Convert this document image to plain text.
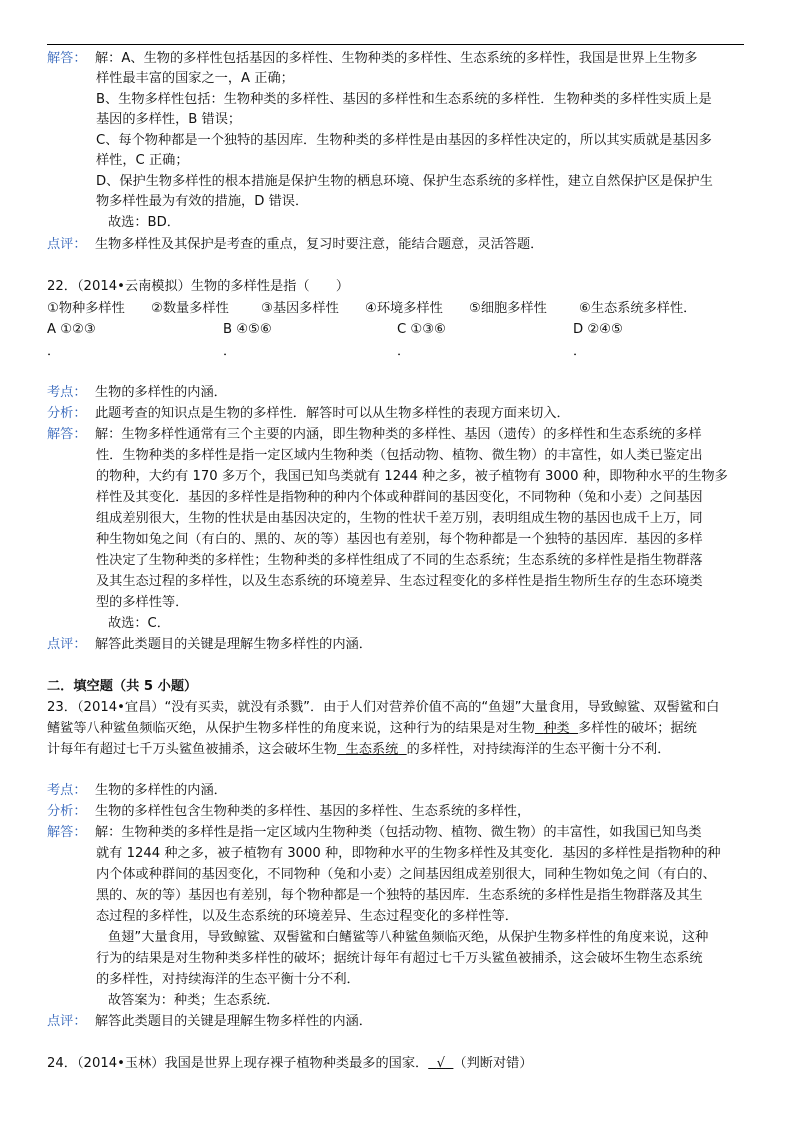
解答： 解：A、生物的多样性包括基因的多样性、生物种类的多样性、生态系统的多样性，我国是世界上生物多
样性最丰富的国家之一，A 正确；
B、生物多样性包括：生物种类的多样性、基因的多样性和生态系统的多样性．生物种类的多样性实质上是
基因的多样性，B 错误；
C、每个物种都是一个独特的基因库．生物种类的多样性是由基因的多样性决定的，所以其实质就是基因多
样性，C 正确；
D、保护生物多样性的根本措施是保护生物的栖息环境、保护生态系统的多样性，建立自然保护区是保护生
物多样性最为有效的措施，D 错误．
故选：BD．
点评： 生物多样性及其保护是考查的重点，复习时要注意，能结合题意，灵活答题．
22．（2014•云南模拟）生物的多样性是指（　　）
①物种多样性 ②数量多样性 ③基因多样性 ④环境多样性 ⑤细胞多样性 ⑥生态系统多样性．
A ①②③	B ④⑤⑥	C ①③⑥	D ②④⑤
．	．	．	．
考点： 生物的多样性的内涵．
分析： 此题考查的知识点是生物的多样性．解答时可以从生物多样性的表现方面来切入．
解答： 解：生物多样性通常有三个主要的内涵，即生物种类的多样性、基因（遗传）的多样性和生态系统的多样
性．生物种类的多样性是指一定区域内生物种类（包括动物、植物、微生物）的丰富性，如人类已鉴定出
的物种，大约有 170 多万个，我国已知鸟类就有 1244 种之多，被子植物有 3000 种，即物种水平的生物多
样性及其变化．基因的多样性是指物种的种内个体或种群间的基因变化，不同物种（兔和小麦）之间基因
组成差别很大，生物的性状是由基因决定的，生物的性状千差万别，表明组成生物的基因也成千上万，同
种生物如兔之间（有白的、黑的、灰的等）基因也有差别，每个物种都是一个独特的基因库．基因的多样
性决定了生物种类的多样性；生物种类的多样性组成了不同的生态系统；生态系统的多样性是指生物群落
及其生态过程的多样性，以及生态系统的环境差异、生态过程变化的多样性是指生物所生存的生态环境类
型的多样性等．
故选：C．
点评： 解答此类题目的关键是理解生物多样性的内涵．
二．填空题（共 5 小题）
23．（2014•宜昌）“没有买卖，就没有杀戮”．由于人们对营养价值不高的“鱼翅”大量食用，导致鲸鲨、双髻鲨和白
鳍鲨等八种鲨鱼频临灭绝，从保护生物多样性的角度来说，这种行为的结果是对生物 种类 多样性的破坏；据统
计每年有超过七千万头鲨鱼被捕杀，这会破坏生物 生态系统 的多样性，对持续海洋的生态平衡十分不利．
考点： 生物的多样性的内涵．
分析： 生物的多样性包含生物种类的多样性、基因的多样性、生态系统的多样性，
解答： 解：生物种类的多样性是指一定区域内生物种类（包括动物、植物、微生物）的丰富性，如我国已知鸟类
就有 1244 种之多，被子植物有 3000 种，即物种水平的生物多样性及其变化．基因的多样性是指物种的种
内个体或种群间的基因变化，不同物种（兔和小麦）之间基因组成差别很大，同种生物如兔之间（有白的、
黑的、灰的等）基因也有差别，每个物种都是一个独特的基因库．生态系统的多样性是指生物群落及其生
态过程的多样性，以及生态系统的环境差异、生态过程变化的多样性等．
鱼翅”大量食用，导致鲸鲨、双髻鲨和白鳍鲨等八种鲨鱼频临灭绝，从保护生物多样性的角度来说，这种
行为的结果是对生物种类多样性的破坏；据统计每年有超过七千万头鲨鱼被捕杀，这会破坏生物生态系统
的多样性，对持续海洋的生态平衡十分不利．
故答案为：种类；生态系统．
点评： 解答此类题目的关键是理解生物多样性的内涵．
24．（2014•玉林）我国是世界上现存裸子植物种类最多的国家． √ （判断对错）
